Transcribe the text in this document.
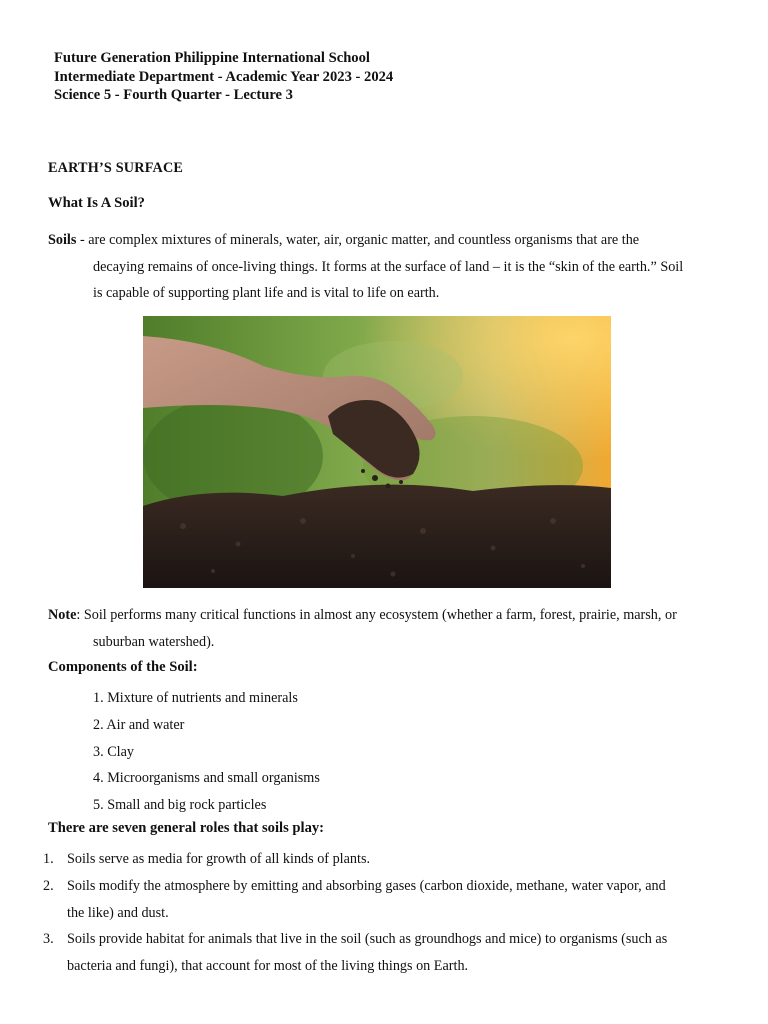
Future Generation Philippine International School
Intermediate Department - Academic Year 2023 - 2024
Science 5 - Fourth Quarter - Lecture 3
EARTH’S SURFACE
What Is A Soil?
Soils - are complex mixtures of minerals, water, air, organic matter, and countless organisms that are the
decaying remains of once-living things. It forms at the surface of land – it is the “skin of the earth.” Soil
is capable of supporting plant life and is vital to life on earth.
Note: Soil performs many critical functions in almost any ecosystem (whether a farm, forest, prairie, marsh, or
suburban watershed).
Components of the Soil:
1. Mixture of nutrients and minerals
2. Air and water
3. Clay
4. Microorganisms and small organisms
5. Small and big rock particles
There are seven general roles that soils play:
1. Soils serve as media for growth of all kinds of plants.
2. Soils modify the atmosphere by emitting and absorbing gases (carbon dioxide, methane, water vapor, and
the like) and dust.
3. Soils provide habitat for animals that live in the soil (such as groundhogs and mice) to organisms (such as
bacteria and fungi), that account for most of the living things on Earth.
